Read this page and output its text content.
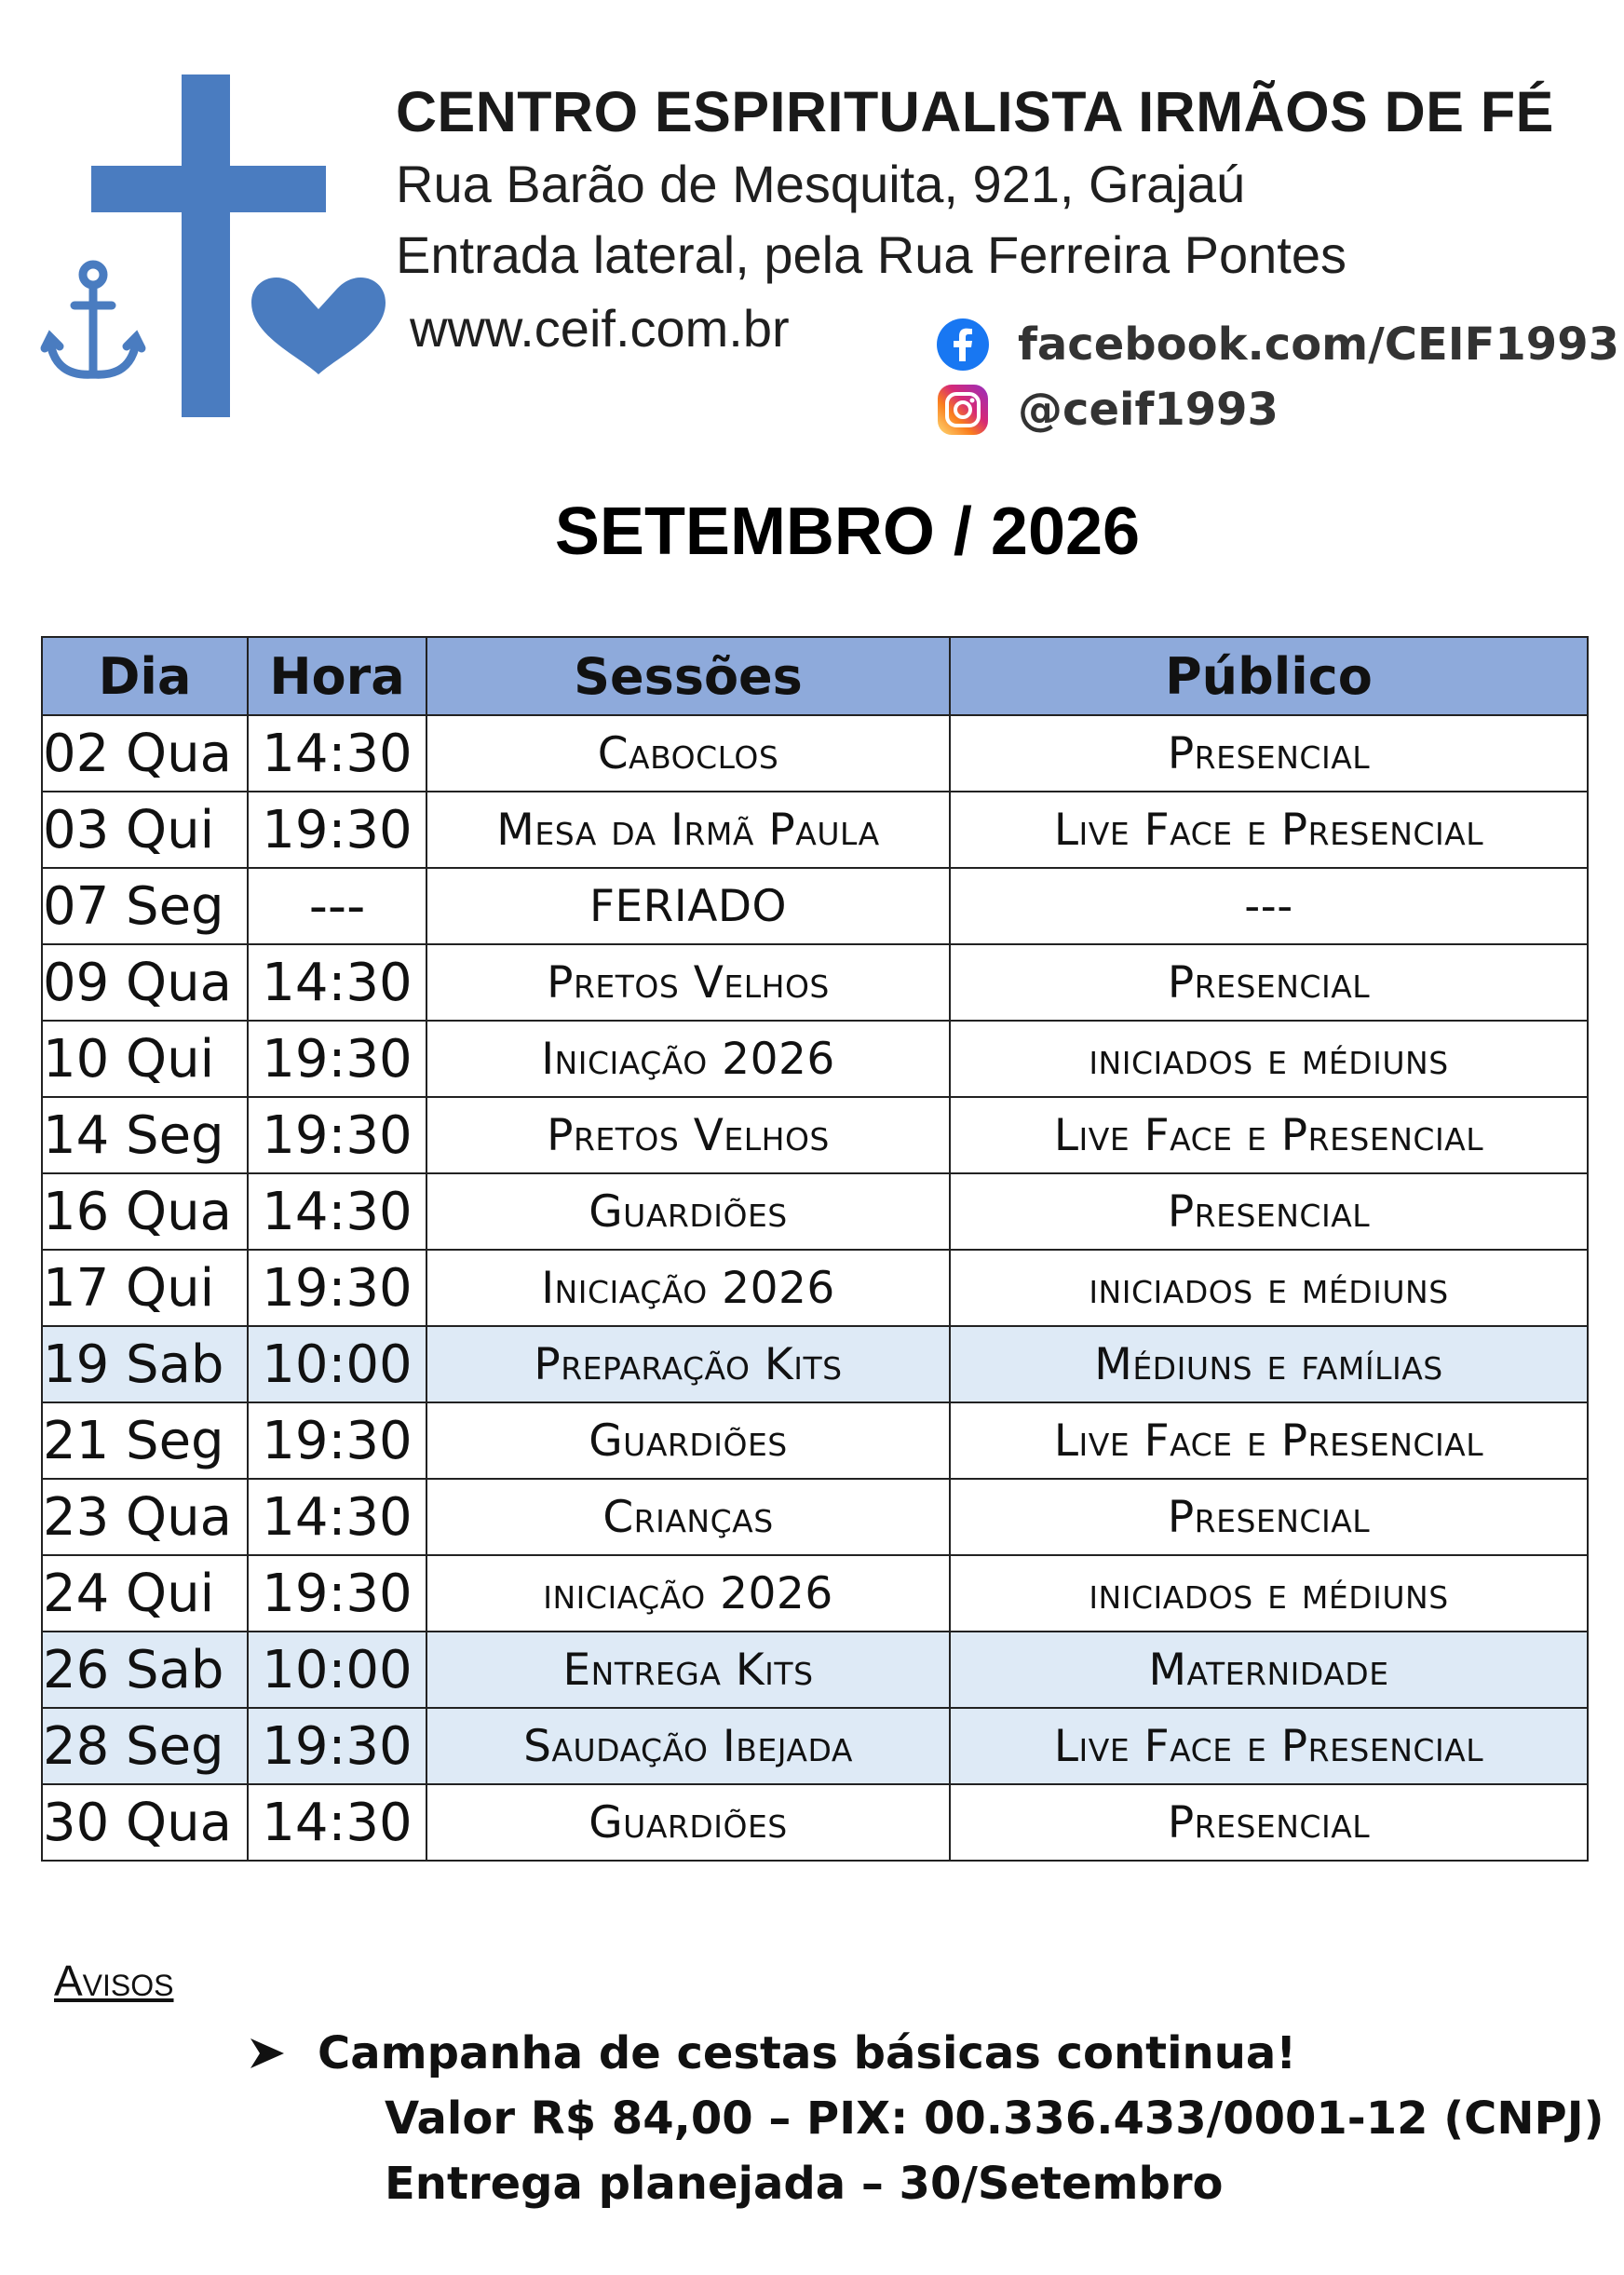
CENTRO ESPIRITUALISTA IRMÃOS DE FÉ
Rua Barão de Mesquita, 921, Grajaú
Entrada lateral, pela Rua Ferreira Pontes
www.ceif.com.br	facebook.com/CEIF1993
@ceif1993
SETEMBRO / 2026
Dia	Hora	Sessões	Público
02 Qua	14:30	Caboclos	Presencial
03 Qui	19:30	Mesa da Irmã Paula	Live Face e Presencial
07 Seg	---	FERIADO	---
09 Qua	14:30	Pretos Velhos	Presencial
10 Qui	19:30	Iniciação 2026	iniciados e médiuns
14 Seg	19:30	Pretos Velhos	Live Face e Presencial
16 Qua	14:30	Guardiões	Presencial
17 Qui	19:30	Iniciação 2026	iniciados e médiuns
19 Sab	10:00	Preparação Kits	Médiuns e famílias
21 Seg	19:30	Guardiões	Live Face e Presencial
23 Qua	14:30	Crianças	Presencial
24 Qui	19:30	iniciação 2026	iniciados e médiuns
26 Sab	10:00	Entrega Kits	Maternidade
28 Seg	19:30	Saudação Ibejada	Live Face e Presencial
30 Qua	14:30	Guardiões	Presencial
Avisos
Campanha de cestas básicas continua!
Valor R$ 84,00 – PIX: 00.336.433/0001-12 (CNPJ)
Entrega planejada – 30/Setembro
